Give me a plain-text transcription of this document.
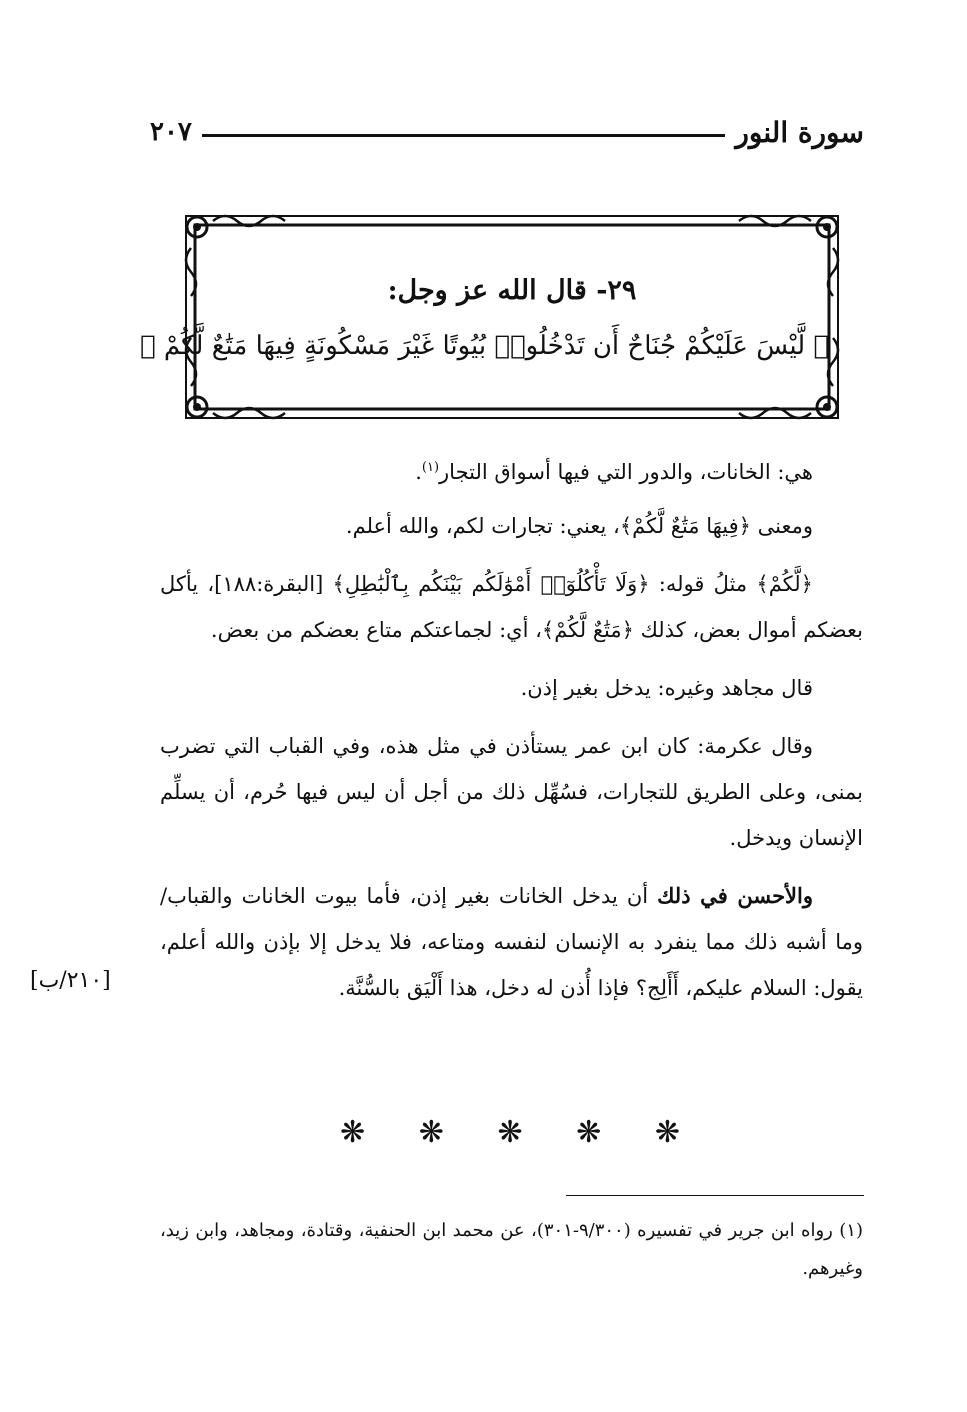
سورة النور
٢٠٧
٢٩- قال الله عز وجل:
﴿ لَّيْسَ عَلَيْكُمْ جُنَاحٌ أَن تَدْخُلُوا۟ بُيُوتًا غَيْرَ مَسْكُونَةٍ فِيهَا مَتَٰعٌ لَّكُمْ ﴾

هي: الخانات، والدور التي فيها أسواق التجار$^{(١)}$.

ومعنى ﴿فِيهَا مَتَٰعٌ لَّكُمْ﴾، يعني: تجارات لكم، والله أعلم.

﴿لَّكُمْ﴾ مثلُ قوله: ﴿وَلَا تَأْكُلُوٓا۟ أَمْوَٰلَكُم بَيْنَكُم بِٱلْبَٰطِلِ﴾ [البقرة:١٨٨]، يأكل بعضكم أموال بعض، كذلك ﴿مَتَٰعٌ لَّكُمْ﴾، أي: لجماعتكم متاع بعضكم من بعض.

قال مجاهد وغيره: يدخل بغير إذن.

وقال عكرمة: كان ابن عمر يستأذن في مثل هذه، وفي القباب التي تضرب بمنى، وعلى الطريق للتجارات، فسُهِّل ذلك من أجل أن ليس فيها حُرم، أن يسلِّم الإنسان ويدخل.

والأحسن في ذلك أن يدخل الخانات بغير إذن، فأما بيوت الخانات والقباب/ وما أشبه ذلك مما ينفرد به الإنسان لنفسه ومتاعه، فلا يدخل إلا بإذن والله أعلم، يقول: السلام عليكم، أَأَلِج؟ فإذا أُذن له دخل، هذا أَلْيَق بالسُّنَّة.

[٢١٠/ب]
❋
❋
❋
❋
❋

(١) رواه ابن جرير في تفسيره (٩/٣٠٠-٣٠١)، عن محمد ابن الحنفية، وقتادة، ومجاهد، وابن زيد، وغيرهم.
